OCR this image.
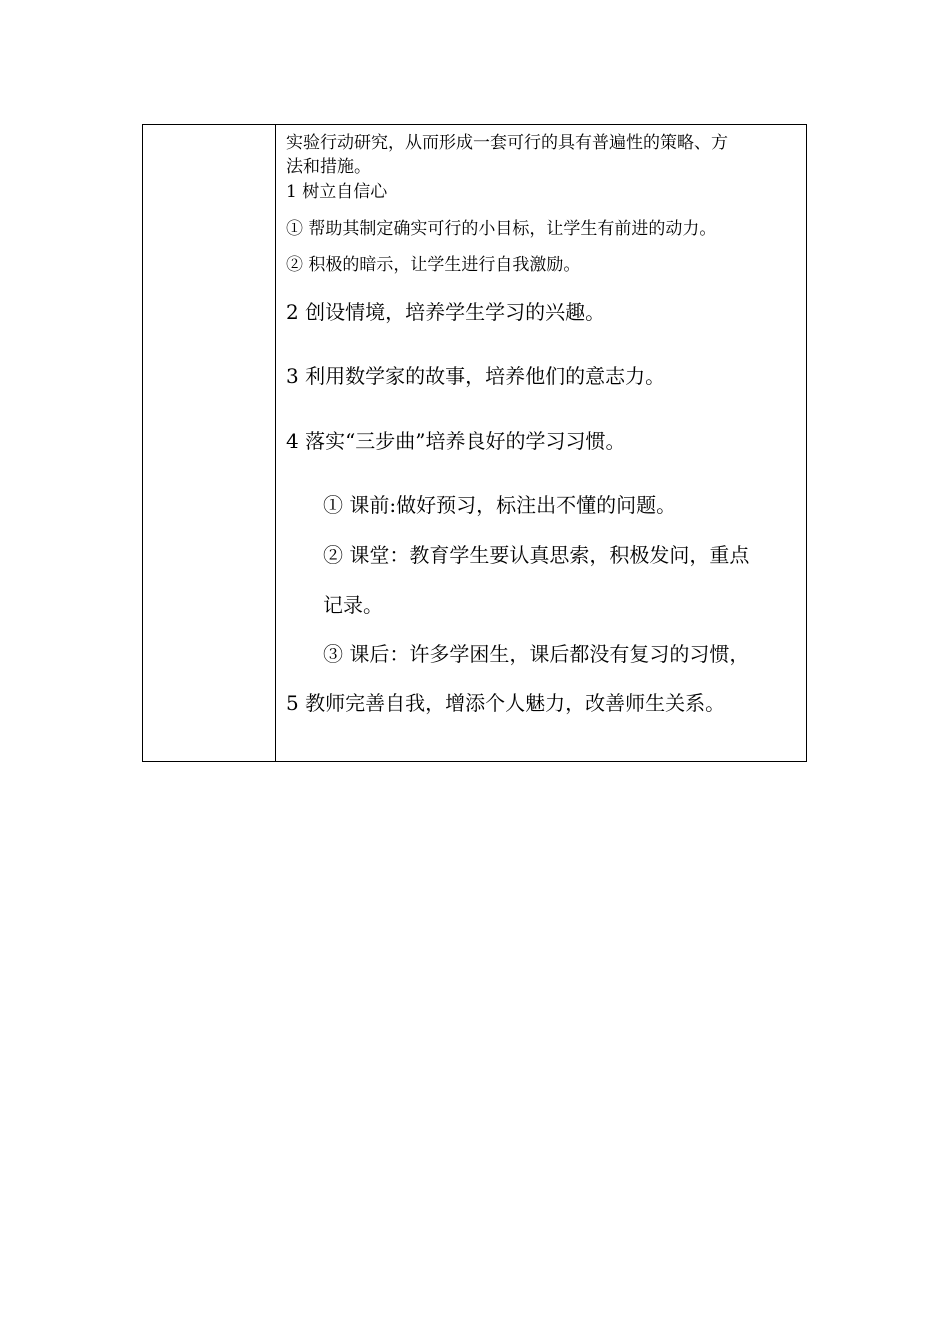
实验行动研究，从而形成一套可行的具有普遍性的策略、方
法和措施。
1 树立自信心
① 帮助其制定确实可行的小目标，让学生有前进的动力。
② 积极的暗示，让学生进行自我激励。
2 创设情境，培养学生学习的兴趣。
3 利用数学家的故事，培养他们的意志力。
4 落实“三步曲”培养良好的学习习惯。
① 课前:做好预习，标注出不懂的问题。
② 课堂：教育学生要认真思索，积极发问，重点
记录。
③ 课后：许多学困生，课后都没有复习的习惯，
5 教师完善自我，增添个人魅力，改善师生关系。
